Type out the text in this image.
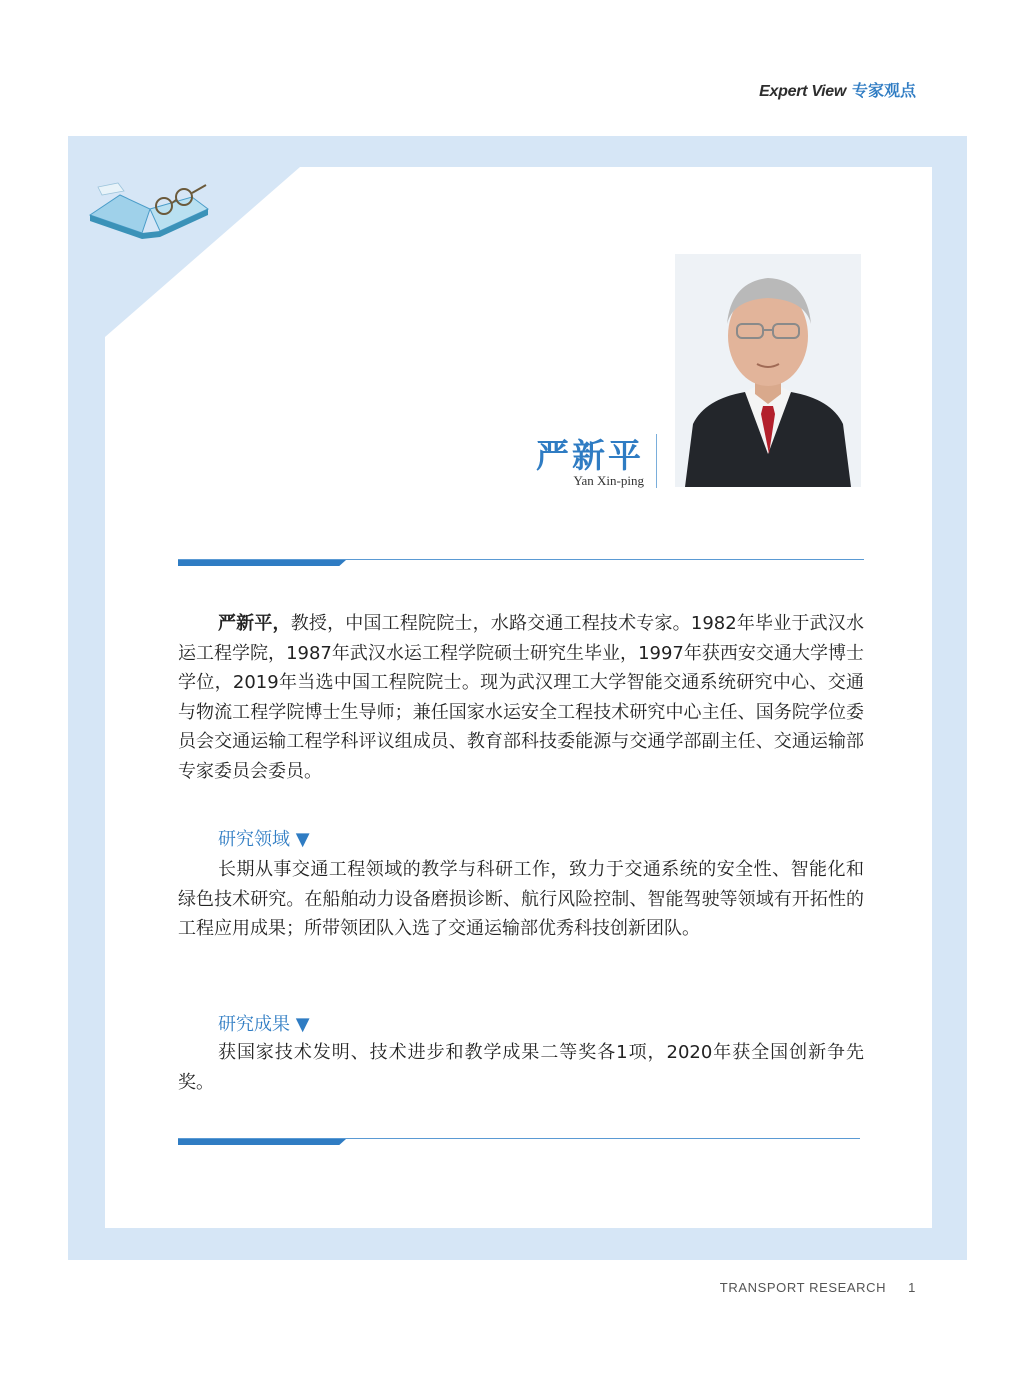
Expert View 专家观点
严新平
Yan Xin-ping

严新平，教授，中国工程院院士，水路交通工程技术专家。1982年毕业于武汉水运工程学院，1987年武汉水运工程学院硕士研究生毕业，1997年获西安交通大学博士学位，2019年当选中国工程院院士。现为武汉理工大学智能交通系统研究中心、交通与物流工程学院博士生导师；兼任国家水运安全工程技术研究中心主任、国务院学位委员会交通运输工程学科评议组成员、教育部科技委能源与交通学部副主任、交通运输部专家委员会委员。

研究领域 ▼

长期从事交通工程领域的教学与科研工作，致力于交通系统的安全性、智能化和绿色技术研究。在船舶动力设备磨损诊断、航行风险控制、智能驾驶等领域有开拓性的工程应用成果；所带领团队入选了交通运输部优秀科技创新团队。

研究成果 ▼

获国家技术发明、技术进步和教学成果二等奖各1项，2020年获全国创新争先奖。

TRANSPORT RESEARCH 1
